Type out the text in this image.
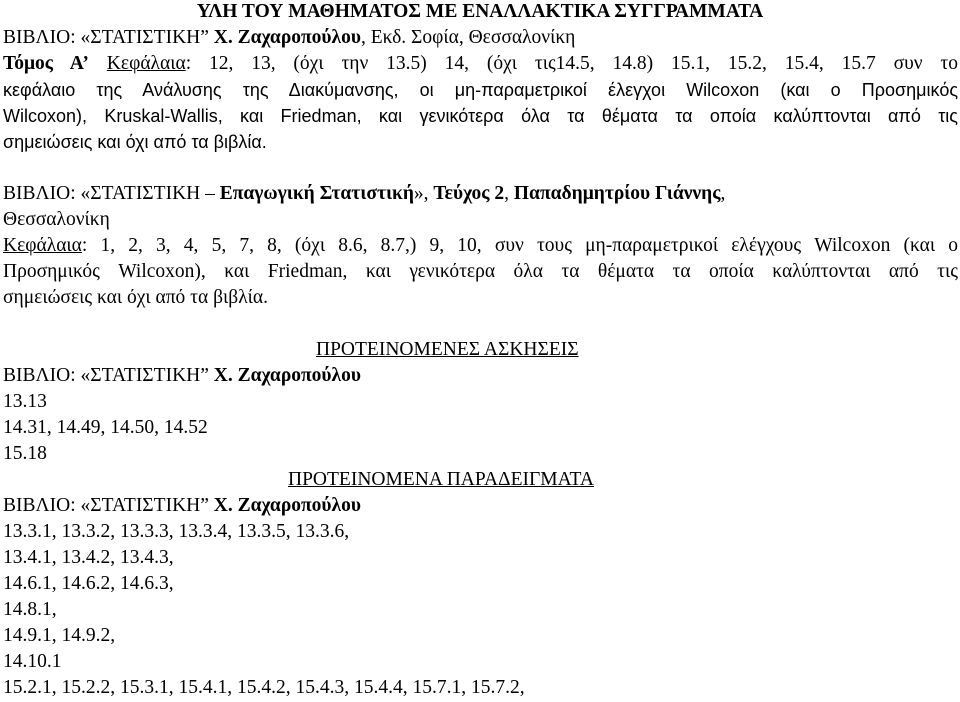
ΥΛΗ ΤΟΥ ΜΑΘΗΜΑΤΟΣ ΜΕ ΕΝΑΛΛΑΚΤΙΚΑ ΣΥΓΓΡΑΜΜΑΤΑ
ΒΙΒΛΙΟ: «ΣΤΑΤΙΣΤΙΚΗ” Χ. Ζαχαροπούλου, Εκδ. Σοφία, Θεσσαλονίκη
Τόμος Α’ Κεφάλαια: 12, 13, (όχι την 13.5) 14, (όχι τις14.5, 14.8) 15.1, 15.2, 15.4, 15.7 συν το
κεφάλαιο της Ανάλυσης της Διακύμανσης, οι μη-παραμετρικοί έλεγχοι Wilcoxon (και ο Προσημικός
Wilcoxon), Kruskal-Wallis, και Friedman, και γενικότερα όλα τα θέματα τα οποία καλύπτονται από τις
σημειώσεις και όχι από τα βιβλία.
ΒΙΒΛΙΟ: «ΣΤΑΤΙΣΤΙΚΗ – Επαγωγική Στατιστική», Τεύχος 2, Παπαδημητρίου Γιάννης,
Θεσσαλονίκη
Κεφάλαια: 1, 2, 3, 4, 5, 7, 8, (όχι 8.6, 8.7,) 9, 10, συν τους μη-παραμετρικοί ελέγχους Wilcoxon (και ο
Προσημικός Wilcoxon), και Friedman, και γενικότερα όλα τα θέματα τα οποία καλύπτονται από τις
σημειώσεις και όχι από τα βιβλία.
ΠΡΟΤΕΙΝΟΜΕΝΕΣ ΑΣΚΗΣΕΙΣ
ΒΙΒΛΙΟ: «ΣΤΑΤΙΣΤΙΚΗ” Χ. Ζαχαροπούλου
13.13
14.31, 14.49, 14.50, 14.52
15.18
ΠΡΟΤΕΙΝΟΜΕΝΑ ΠΑΡΑΔΕΙΓΜΑΤΑ
ΒΙΒΛΙΟ: «ΣΤΑΤΙΣΤΙΚΗ” Χ. Ζαχαροπούλου
13.3.1, 13.3.2, 13.3.3, 13.3.4, 13.3.5, 13.3.6,
13.4.1, 13.4.2, 13.4.3,
14.6.1, 14.6.2, 14.6.3,
14.8.1,
14.9.1, 14.9.2,
14.10.1
15.2.1, 15.2.2, 15.3.1, 15.4.1, 15.4.2, 15.4.3, 15.4.4, 15.7.1, 15.7.2,
